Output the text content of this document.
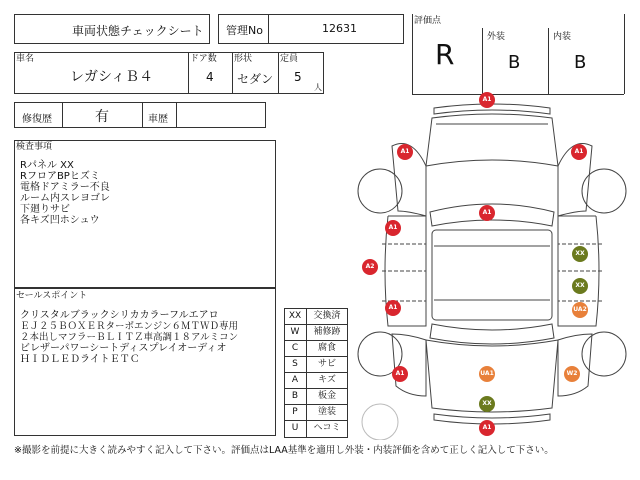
車両状態チェックシート 管理No	12631
評価点
R
外装
B
内装
B
車名
レガシィＢ４
ドア数
4
形状
セダン
定員
5
人
修復歴	有	車歴
検査事項
Rパネル XX
RフロアBPヒズミ
電格ドアミラー不良
ルーム内スレヨゴレ
下廻りサビ
各キズ凹ホシュウ
セールスポイント
クリスタルブラックシリカカラーフルエアロ
ＥＪ２５ＢＯＸＥＲターボエンジン６ＭＴＷＤ専用
２本出しマフラーＢＬＩＴＺ車高調１８アルミコン
ビレザーパワーシートディスプレイオーディオ
ＨＩＤＬＥＤライトＥＴＣ
XX	交換済
W	補修跡
C	腐食
S	サビ
A	キズ
B	板金
P	塗装
U	ヘコミ
A1
A1	A1
A1
A1
A2
XX
XX
A1	UA2
A1	UA1	W2
XX
A1
※撮影を前提に大きく読みやすく記入して下さい。評価点はLAA基準を適用し外装・内装評価を含めて正しく記入して下さい。
